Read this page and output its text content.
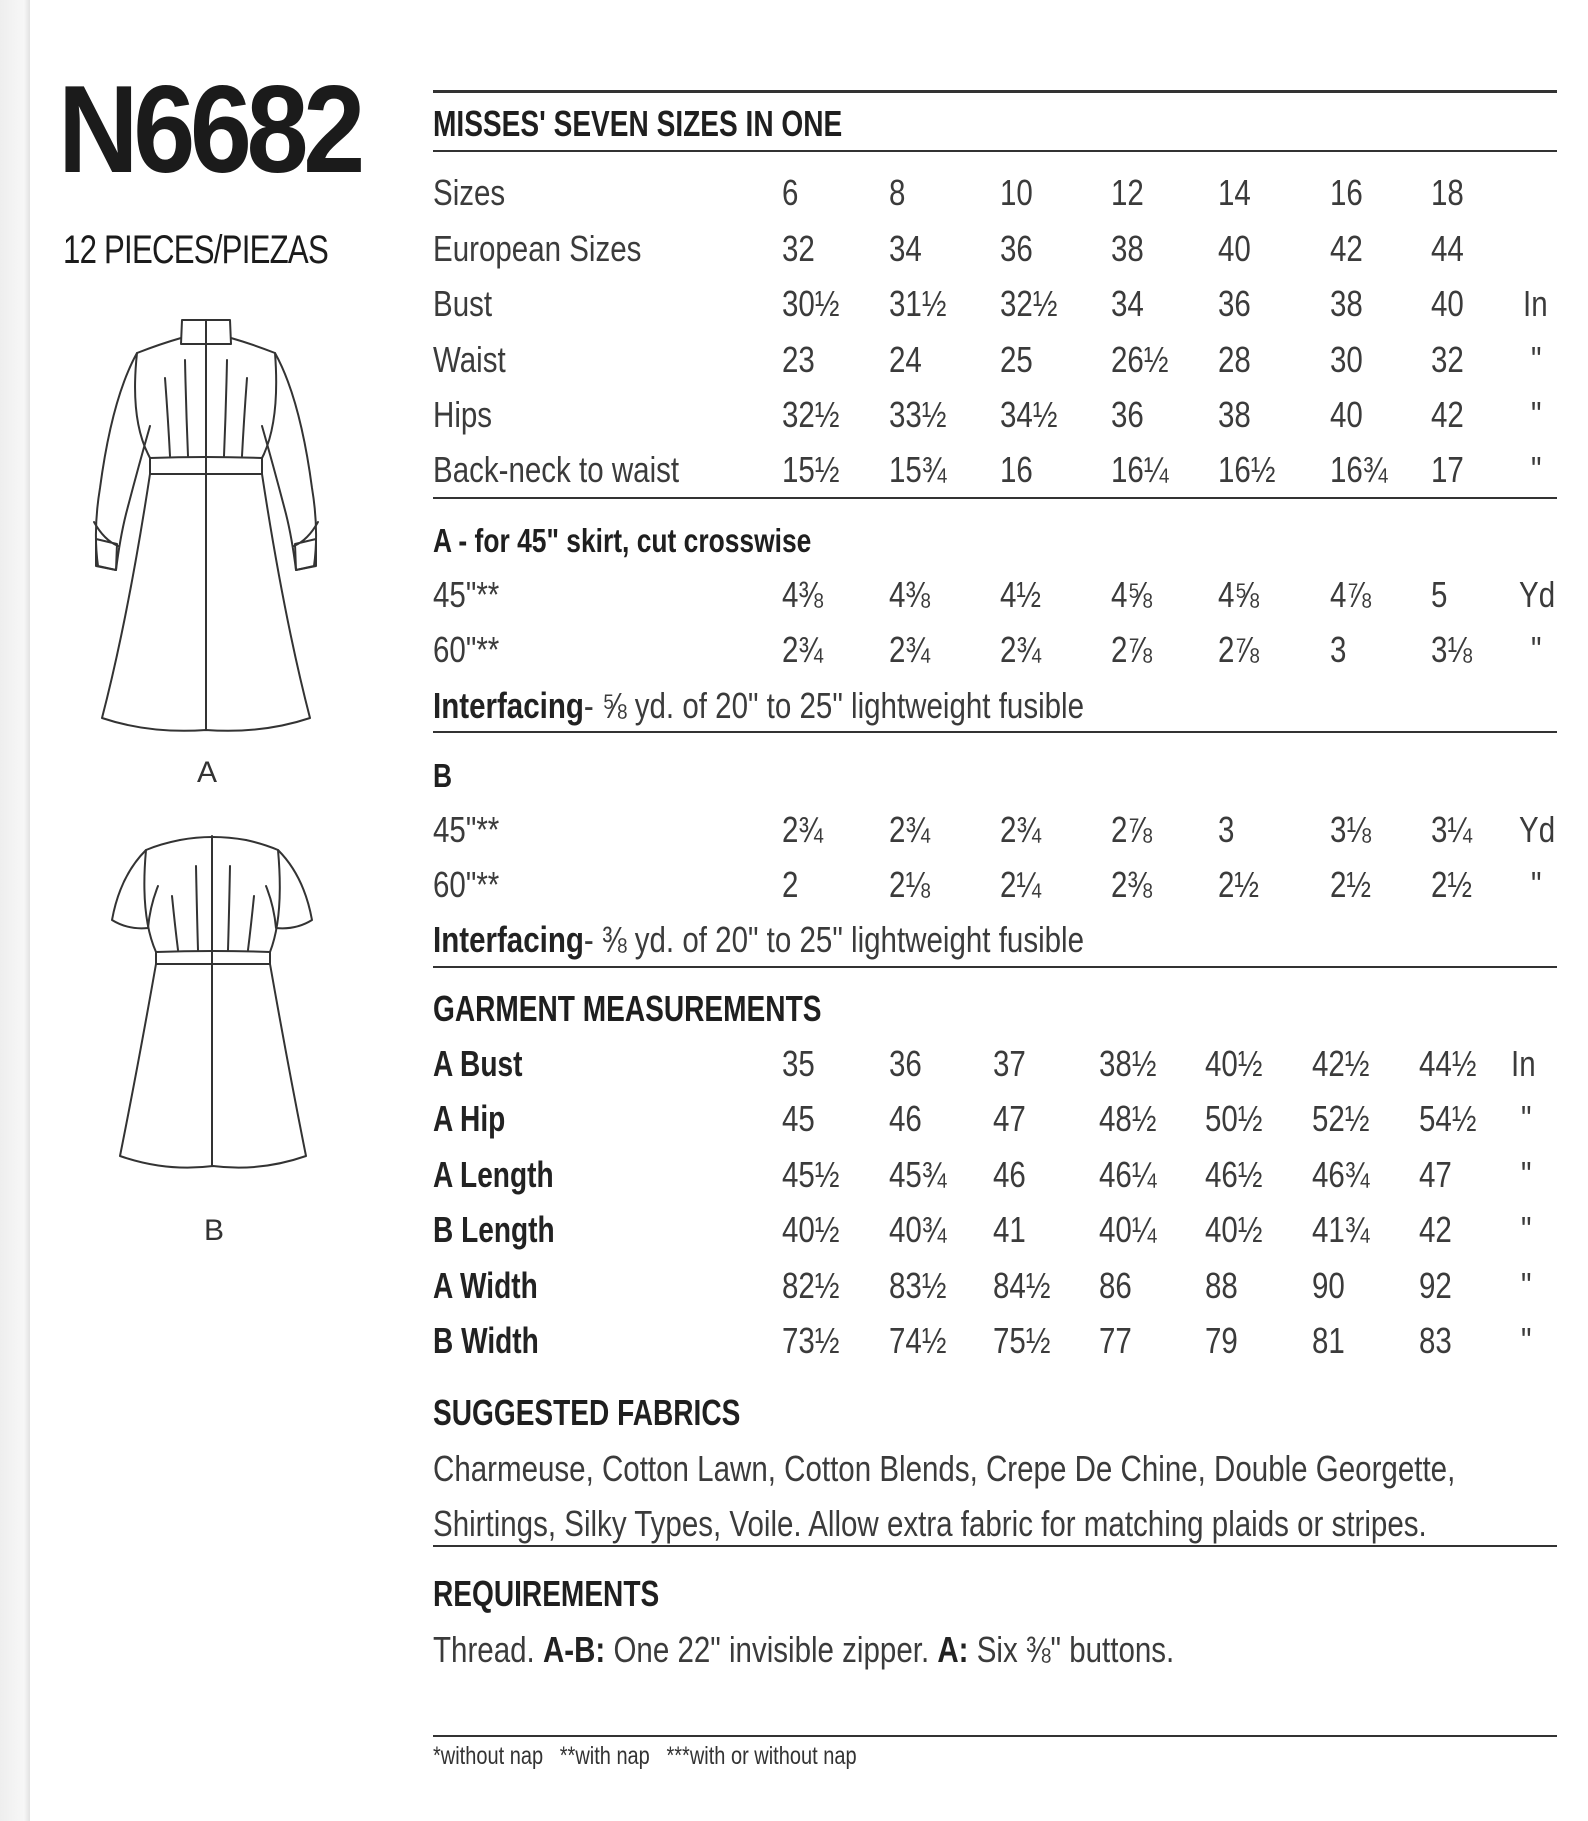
N6682
12 PIECES/PIEZAS
A
B
MISSES' SEVEN SIZES IN ONE
Sizes	6	8	10 12 14 16 18
European Sizes	32 34 36 38 40 42 44
Bust	30½ 31½ 32½ 34 36 38 40 In
Waist	23 24 25 26½ 28 30 32 "
Hips	32½ 33½ 34½ 36 38 40 42 "
Back-neck to waist	15½ 15¾ 16 16¼ 16½ 16¾ 17 "
A - for 45" skirt, cut crosswise
45"**	4⅜ 4⅜ 4½ 4⅝ 4⅝ 4⅞ 5 Yd
60"**	2¾ 2¾ 2¾ 2⅞ 2⅞ 3 3⅛ "
Interfacing- ⅝ yd. of 20" to 25" lightweight fusible
B
45"**	2¾ 2¾ 2¾ 2⅞ 3	3⅛ 3¼ Yd
60"**	2	2⅛ 2¼ 2⅜ 2½ 2½ 2½ "
Interfacing- ⅜ yd. of 20" to 25" lightweight fusible
GARMENT MEASUREMENTS
A Bust	35 36 37 38½ 40½ 42½ 44½ In
A Hip	45 46 47 48½ 50½ 52½ 54½ "
A Length	45½ 45¾ 46 46¼ 46½ 46¾ 47 "
B Length	40½ 40¾ 41 40¼ 40½ 41¾ 42 "
A Width	82½ 83½ 84½ 86 88 90 92 "
B Width	73½ 74½ 75½ 77 79 81 83 "
SUGGESTED FABRICS
Charmeuse, Cotton Lawn, Cotton Blends, Crepe De Chine, Double Georgette,
Shirtings, Silky Types, Voile. Allow extra fabric for matching plaids or stripes.
REQUIREMENTS
Thread. A-B: One 22" invisible zipper. A: Six ⅜" buttons.
*without nap   **with nap   ***with or without nap
